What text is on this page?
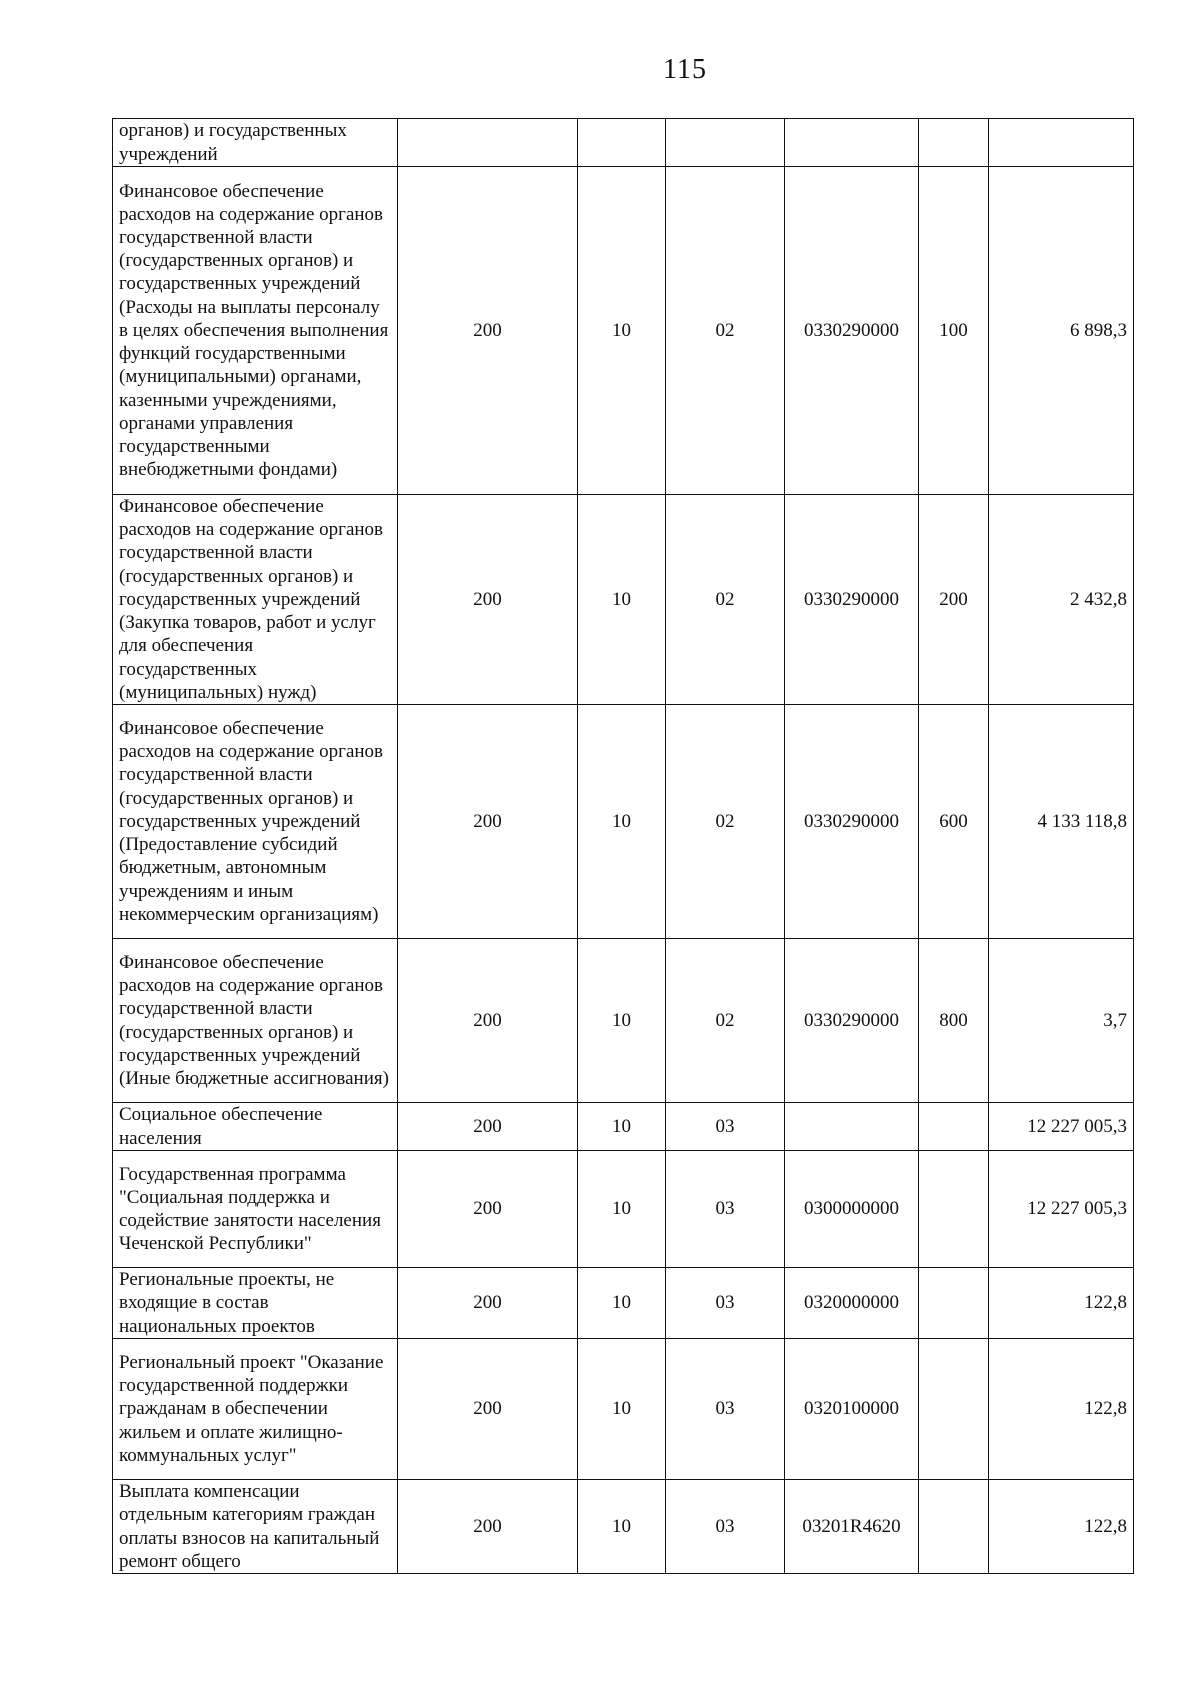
115
органов) и государственных учреждений						
Финансовое обеспечение расходов на содержание органов государственной власти (государственных органов) и государственных учреждений (Расходы на выплаты персоналу в целях обеспечения выполнения функций государственными (муниципальными) органами, казенными учреждениями, органами управления государственными внебюджетными фондами)	200	10	02	0330290000	100	6 898,3
Финансовое обеспечение расходов на содержание органов государственной власти (государственных органов) и государственных учреждений (Закупка товаров, работ и услуг для обеспечения государственных (муниципальных) нужд)	200	10	02	0330290000	200	2 432,8
Финансовое обеспечение расходов на содержание органов государственной власти (государственных органов) и государственных учреждений (Предоставление субсидий бюджетным, автономным учреждениям и иным некоммерческим организациям)	200	10	02	0330290000	600	4 133 118,8
Финансовое обеспечение расходов на содержание органов государственной власти (государственных органов) и государственных учреждений (Иные бюджетные ассигнования)	200	10	02	0330290000	800	3,7
Социальное обеспечение населения	200	10	03			12 227 005,3
Государственная программа "Социальная поддержка и содействие занятости населения Чеченской Республики"	200	10	03	0300000000		12 227 005,3
Региональные проекты, не входящие в состав национальных проектов	200	10	03	0320000000		122,8
Региональный проект "Оказание государственной поддержки гражданам в обеспечении жильем и оплате жилищно-коммунальных услуг"	200	10	03	0320100000		122,8
Выплата компенсации отдельным категориям граждан оплаты взносов на капитальный ремонт общего	200	10	03	03201R4620		122,8
